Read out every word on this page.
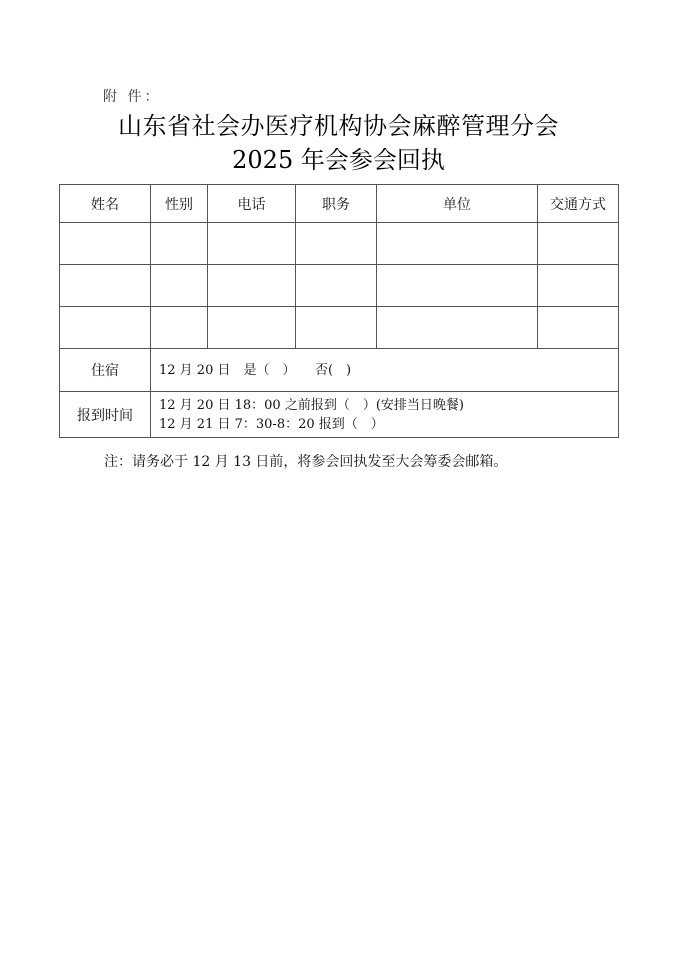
附 件：
山东省社会办医疗机构协会麻醉管理分会
2025 年会参会回执
姓名	性别	电话	职务	单位	交通方式

住宿	12 月 20 日　是（　）　　否(　)				
报到时间	12 月 20 日 18：00 之前报到（　）(安排当日晚餐)
12 月 21 日 7：30-8：20 报到（　）				
注：请务必于 12 月 13 日前，将参会回执发至大会筹委会邮箱。
